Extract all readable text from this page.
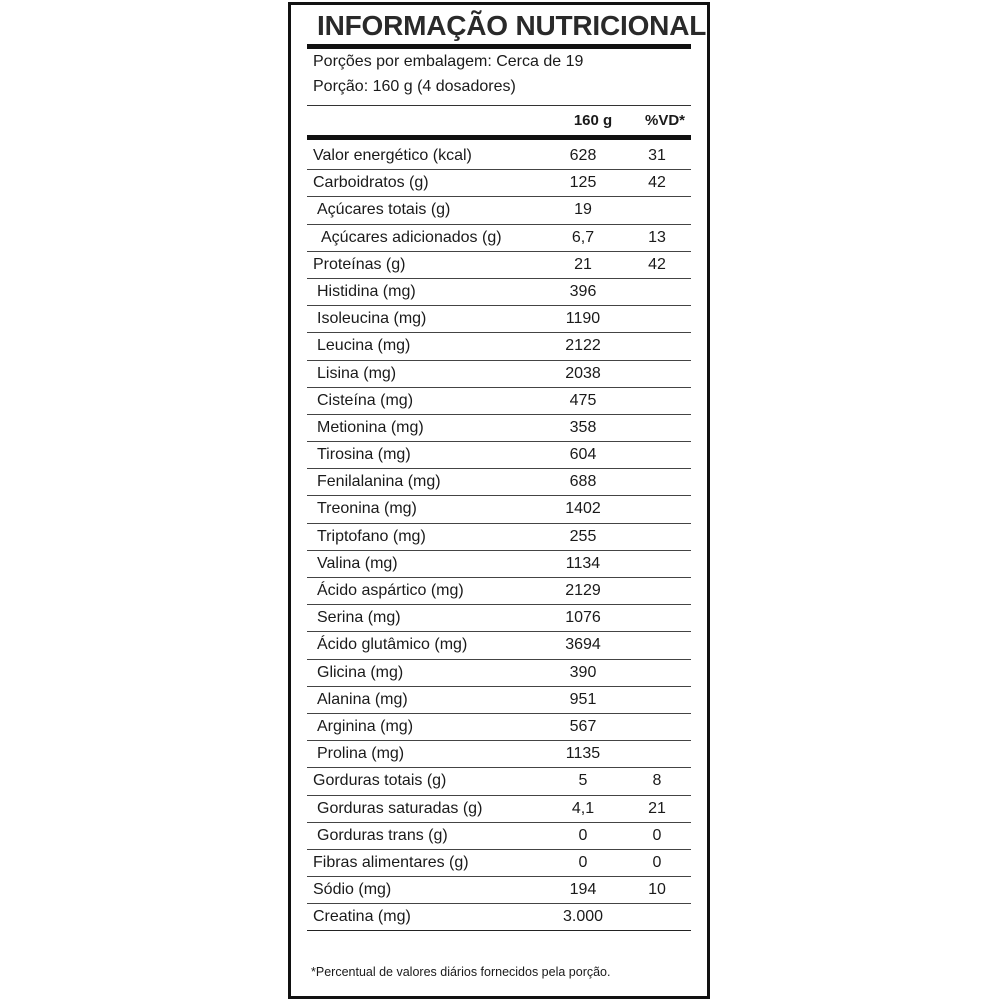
INFORMAÇÃO NUTRICIONAL
Porções por embalagem: Cerca de 19
Porção: 160 g (4 dosadores)
160 g	%VD*
Valor energético (kcal)	628	31
Carboidratos (g)	125	42
Açúcares totais (g)	19
Açúcares adicionados (g)	6,7	13
Proteínas (g)	21	42
Histidina (mg)	396
Isoleucina (mg)	1190
Leucina (mg)	2122
Lisina (mg)	2038
Cisteína (mg)	475
Metionina (mg)	358
Tirosina (mg)	604
Fenilalanina (mg)	688
Treonina (mg)	1402
Triptofano (mg)	255
Valina (mg)	1134
Ácido aspártico (mg)	2129
Serina (mg)	1076
Ácido glutâmico (mg)	3694
Glicina (mg)	390
Alanina (mg)	951
Arginina (mg)	567
Prolina (mg)	1135
Gorduras totais (g)	5	8
Gorduras saturadas (g)	4,1	21
Gorduras trans (g)	0	0
Fibras alimentares (g)	0	0
Sódio (mg)	194	10
Creatina (mg)	3.000
*Percentual de valores diários fornecidos pela porção.
